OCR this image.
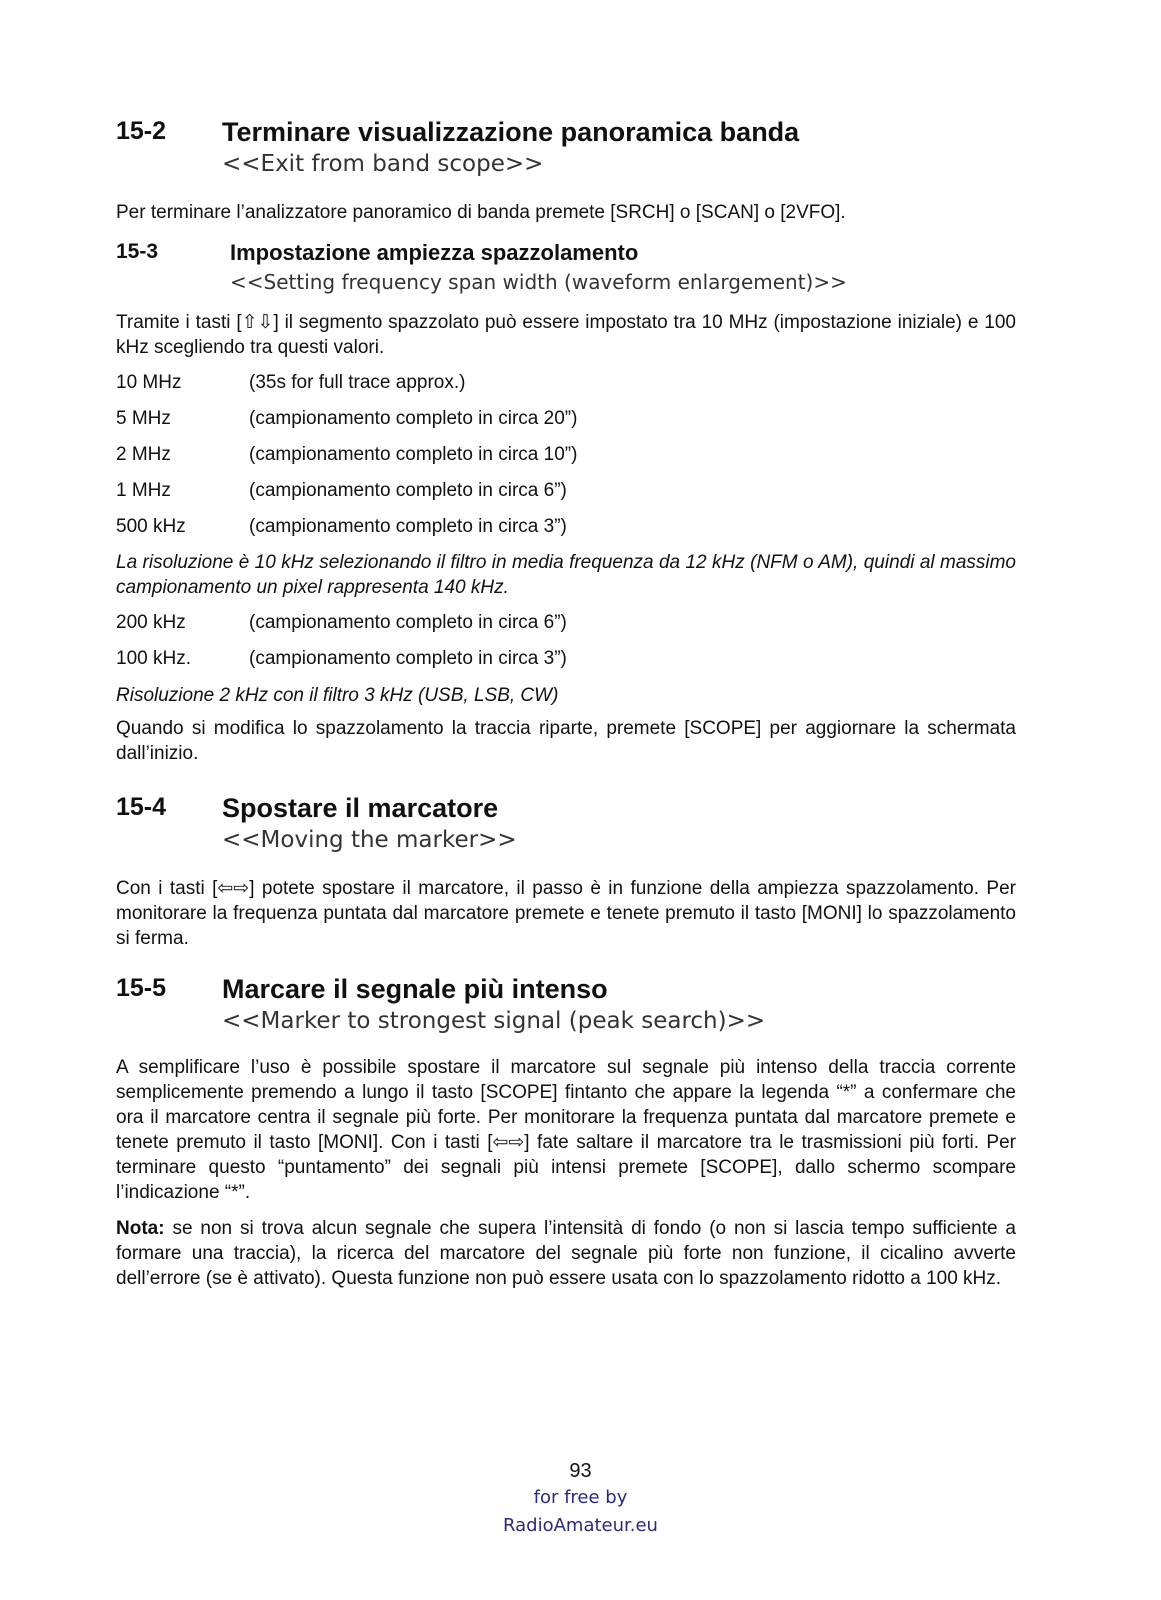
15-2 Terminare visualizzazione panoramica banda
<<Exit from band scope>>
Per terminare l’analizzatore panoramico di banda premete [SRCH] o [SCAN] o [2VFO].
15-3	Impostazione ampiezza spazzolamento
<<Setting frequency span width (waveform enlargement)>>
Tramite i tasti [⇧⇩] il segmento spazzolato può essere impostato tra 10 MHz (impostazione iniziale) e 100 kHz scegliendo tra questi valori.
10 MHz	(35s for full trace approx.)
5 MHz	(campionamento completo in circa 20”)
2 MHz	(campionamento completo in circa 10”)
1 MHz	(campionamento completo in circa 6”)
500 kHz	(campionamento completo in circa 3”)
La risoluzione è 10 kHz selezionando il filtro in media frequenza da 12 kHz (NFM o AM), quindi al massimo campionamento un pixel rappresenta 140 kHz.
200 kHz	(campionamento completo in circa 6”)
100 kHz.	(campionamento completo in circa 3”)
Risoluzione 2 kHz con il filtro 3 kHz (USB, LSB, CW)
Quando si modifica lo spazzolamento la traccia riparte, premete [SCOPE] per aggiornare la schermata dall’inizio.
15-4 Spostare il marcatore
<<Moving the marker>>
Con i tasti [⇦⇨] potete spostare il marcatore, il passo è in funzione della ampiezza spazzolamento. Per monitorare la frequenza puntata dal marcatore premete e tenete premuto il tasto [MONI] lo spazzolamento si ferma.
15-5 Marcare il segnale più intenso
<<Marker to strongest signal (peak search)>>
A semplificare l’uso è possibile spostare il marcatore sul segnale più intenso della traccia corrente semplicemente premendo a lungo il tasto [SCOPE] fintanto che appare la legenda “*” a confermare che ora il marcatore centra il segnale più forte. Per monitorare la frequenza puntata dal marcatore premete e tenete premuto il tasto [MONI]. Con i tasti [⇦⇨] fate saltare il marcatore tra le trasmissioni più forti. Per terminare questo “puntamento” dei segnali più intensi premete [SCOPE], dallo schermo scompare l’indicazione “*”.
Nota: se non si trova alcun segnale che supera l’intensità di fondo (o non si lascia tempo sufficiente a formare una traccia), la ricerca del marcatore del segnale più forte non funzione, il cicalino avverte dell’errore (se è attivato). Questa funzione non può essere usata con lo spazzolamento ridotto a 100 kHz.
93
for free by
RadioAmateur.eu
